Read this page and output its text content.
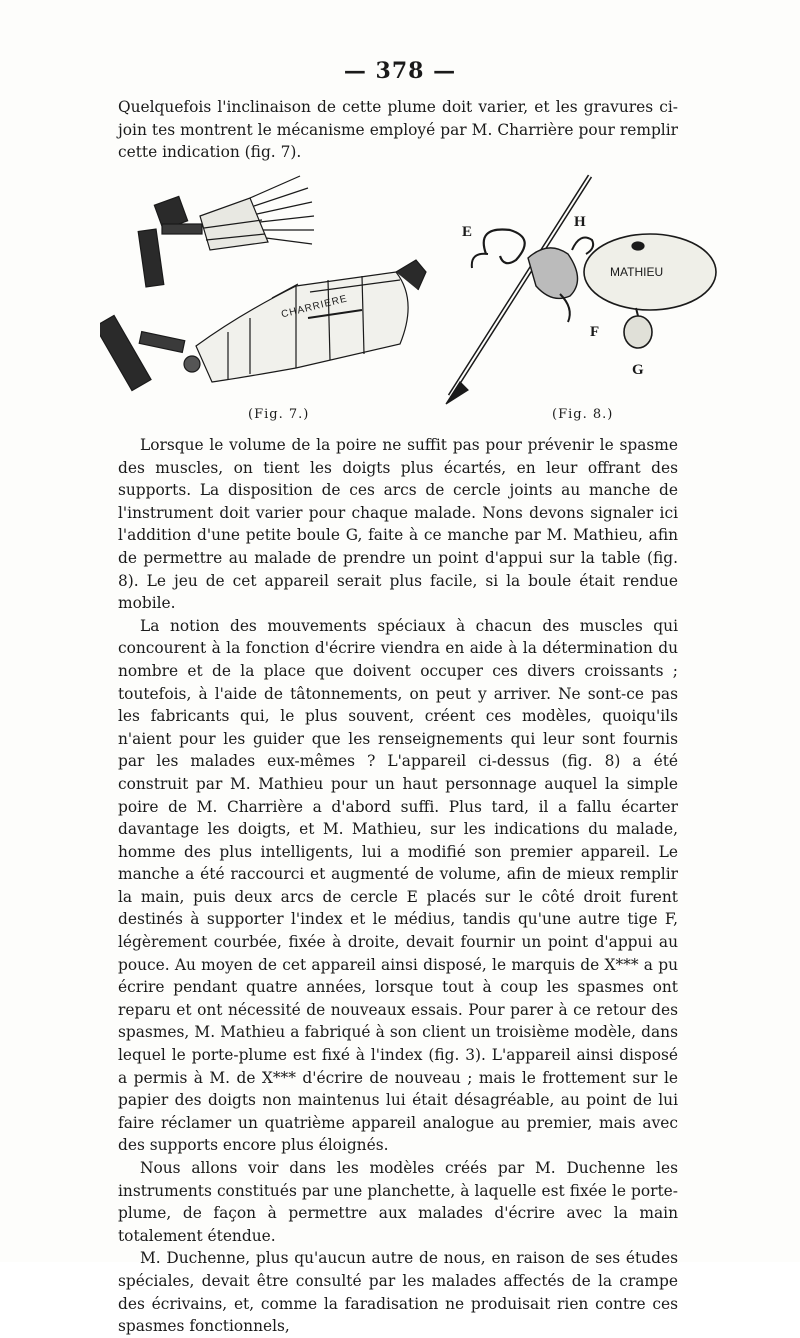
— 378 —

Quelquefois l'inclinaison de cette plume doit varier, et les gravures ci-join tes montrent le mécanisme employé par M. Charrière pour remplir cette indication (fig. 7).

CHARRIERE
MATHIEU
E
H
F
G
(Fig. 7.)	(Fig. 8.)

Lorsque le volume de la poire ne suffit pas pour prévenir le spasme des muscles, on tient les doigts plus écartés, en leur offrant des supports. La disposition de ces arcs de cercle joints au manche de l'instrument doit varier pour chaque malade. Nons devons signaler ici l'addition d'une petite boule G, faite à ce manche par M. Mathieu, afin de permettre au malade de prendre un point d'appui sur la table (fig. 8). Le jeu de cet appareil serait plus facile, si la boule était rendue mobile.

La notion des mouvements spéciaux à chacun des muscles qui concourent à la fonction d'écrire viendra en aide à la détermination du nombre et de la place que doivent occuper ces divers croissants ; toutefois, à l'aide de tâtonnements, on peut y arriver. Ne sont-ce pas les fabricants qui, le plus souvent, créent ces modèles, quoiqu'ils n'aient pour les guider que les renseignements qui leur sont fournis par les malades eux-mêmes ? L'appareil ci-dessus (fig. 8) a été construit par M. Mathieu pour un haut personnage auquel la simple poire de M. Charrière a d'abord suffi. Plus tard, il a fallu écarter davantage les doigts, et M. Mathieu, sur les indications du malade, homme des plus intelligents, lui a modifié son premier appareil. Le manche a été raccourci et augmenté de volume, afin de mieux remplir la main, puis deux arcs de cercle E placés sur le côté droit furent destinés à supporter l'index et le médius, tandis qu'une autre tige F, légèrement courbée, fixée à droite, devait fournir un point d'appui au pouce. Au moyen de cet appareil ainsi disposé, le marquis de X*** a pu écrire pendant quatre années, lorsque tout à coup les spasmes ont reparu et ont nécessité de nouveaux essais. Pour parer à ce retour des spasmes, M. Mathieu a fabriqué à son client un troisième modèle, dans lequel le porte-plume est fixé à l'index (fig. 3). L'appareil ainsi disposé a permis à M. de X*** d'écrire de nouveau ; mais le frottement sur le papier des doigts non maintenus lui était désagréable, au point de lui faire réclamer un quatrième appareil analogue au premier, mais avec des supports encore plus éloignés.

Nous allons voir dans les modèles créés par M. Duchenne les instruments constitués par une planchette, à laquelle est fixée le porte-plume, de façon à permettre aux malades d'écrire avec la main totalement étendue.

M. Duchenne, plus qu'aucun autre de nous, en raison de ses études spéciales, devait être consulté par les malades affectés de la crampe des écrivains, et, comme la faradisation ne produisait rien contre ces spasmes fonctionnels,
